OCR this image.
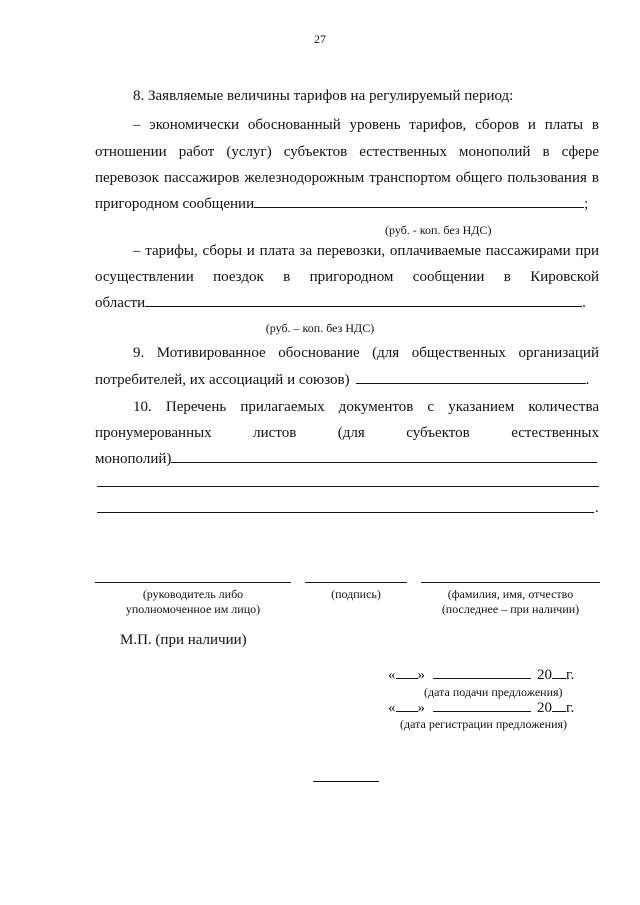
27
8. Заявляемые величины тарифов на регулируемый период:
– экономически обоснованный уровень тарифов, сборов и платы в
отношении работ (услуг) субъектов естественных монополий в сфере
перевозок пассажиров железнодорожным транспортом общего пользования в
пригородном сообщении	;
(руб. - коп. без НДС)
– тарифы, сборы и плата за перевозки, оплачиваемые пассажирами при
осуществлении поездок в пригородном сообщении в Кировской
области	.
(руб. – коп. без НДС)
9. Мотивированное обоснование (для общественных организаций
потребителей, их ассоциаций и союзов)	.
10. Перечень прилагаемых документов с указанием количества
пронумерованных листов (для субъектов естественных
монополий)
.
(руководитель либо
уполномоченное им лицо)
(подпись)	(фамилия, имя, отчество
(последнее – при наличии)
М.П. (при наличии)
« »	20 г.
(дата подачи предложения)
« »	20 г.
(дата регистрации предложения)
